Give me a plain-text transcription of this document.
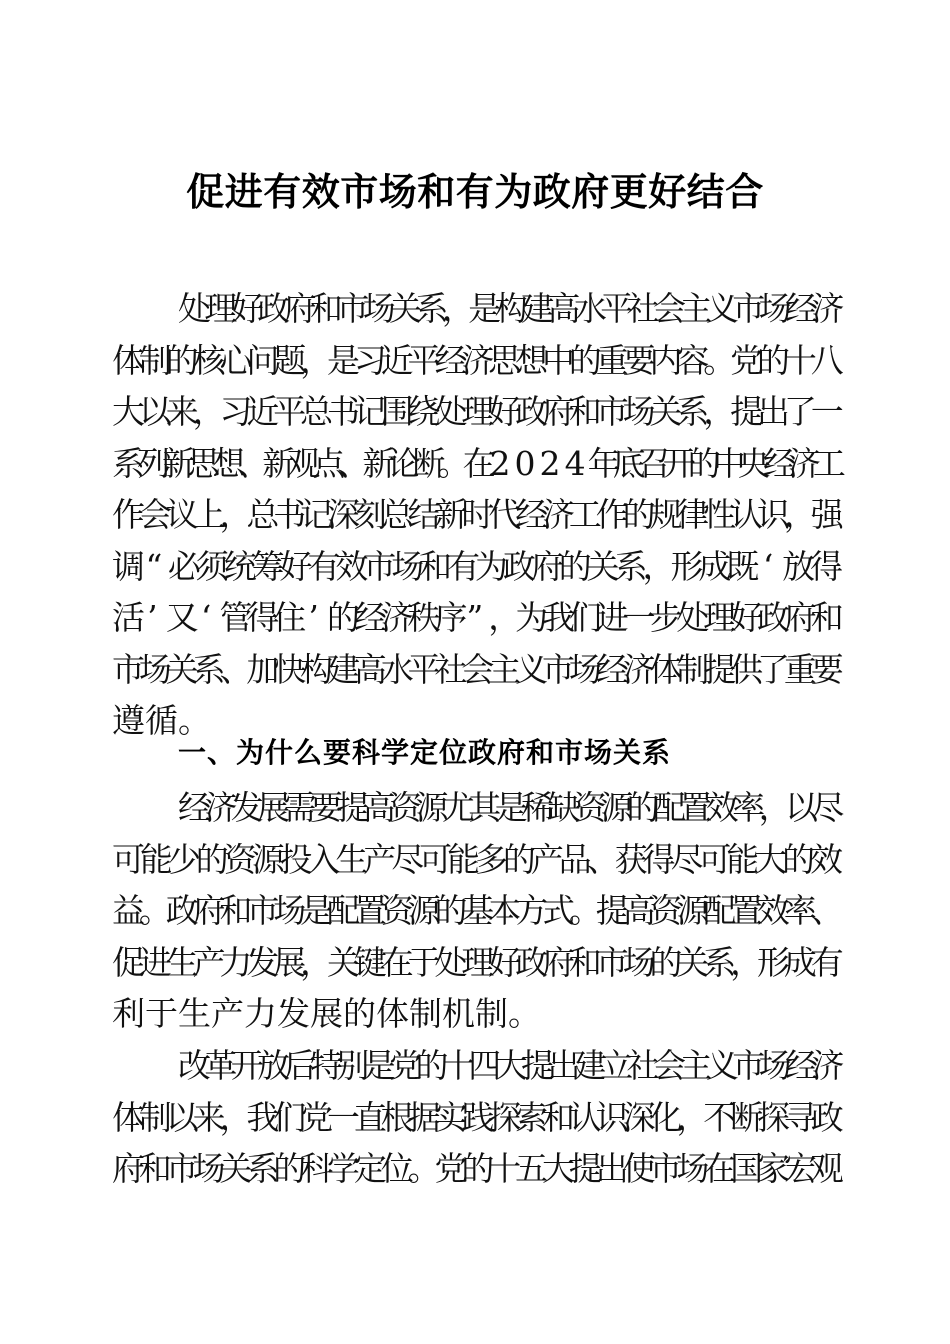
促进有效市场和有为政府更好结合
处
理
好
政
府
和
市
场
关
系
，
是
构
建
高
水
平
社
会
主
义
市
场
经
济
体
制
的
核
心
问
题
，
是
习
近
平
经
济
思
想
中
的
重
要
内
容
。
党
的
十
八
大
以
来
，
习
近
平
总
书
记
围
绕
处
理
好
政
府
和
市
场
关
系
，
提
出
了
一
系
列
新
思
想
、
新
观
点
、
新
论
断
。
在
2 0 2 4 年
底
召
开
的
中
央
经
济
工
作
会
议
上
，
总
书
记
深
刻
总
结
新
时
代
经
济
工
作
的
规
律
性
认
识
，
强
调 “ 必
须
统
筹
好
有
效
市
场
和
有
为
政
府
的
关
系
，
形
成
既 ‘ 放
得
活 ’ 又 ‘ 管
得
住 ’ 的
经
济
秩
序
” ，
为
我
们
进
一
步
处
理
好
政
府
和
市
场
关
系
、
加
快
构
建
高
水
平
社
会
主
义
市
场
经
济
体
制
提
供
了
重
要
遵 循 。
一、为什么要科学定位政府和市场关系
经
济
发
展
需
要
提
高
资
源
尤
其
是
稀
缺
资
源
的
配
置
效
率
，
以
尽
可
能
少
的
资
源
投
入
生
产
尽
可
能
多
的
产
品
、
获
得
尽
可
能
大
的
效
益
。
政
府
和
市
场
是
配
置
资
源
的
基
本
方
式
。
提
高
资
源
配
置
效
率
、
促
进
生
产
力
发
展
，
关
键
在
于
处
理
好
政
府
和
市
场
的
关
系
，
形
成
有
利 于 生 产 力 发 展 的 体 制 机 制 。
改
革
开
放
后
特
别
是
党
的
十
四
大
提
出
建
立
社
会
主
义
市
场
经
济
体
制
以
来
，
我
们
党
一
直
根
据
实
践
探
索
和
认
识
深
化
，
不
断
探
寻
政
府
和
市
场
关
系
的
科
学
定
位
。
党
的
十
五
大
提
出
使
市
场
在
国
家
宏
观
